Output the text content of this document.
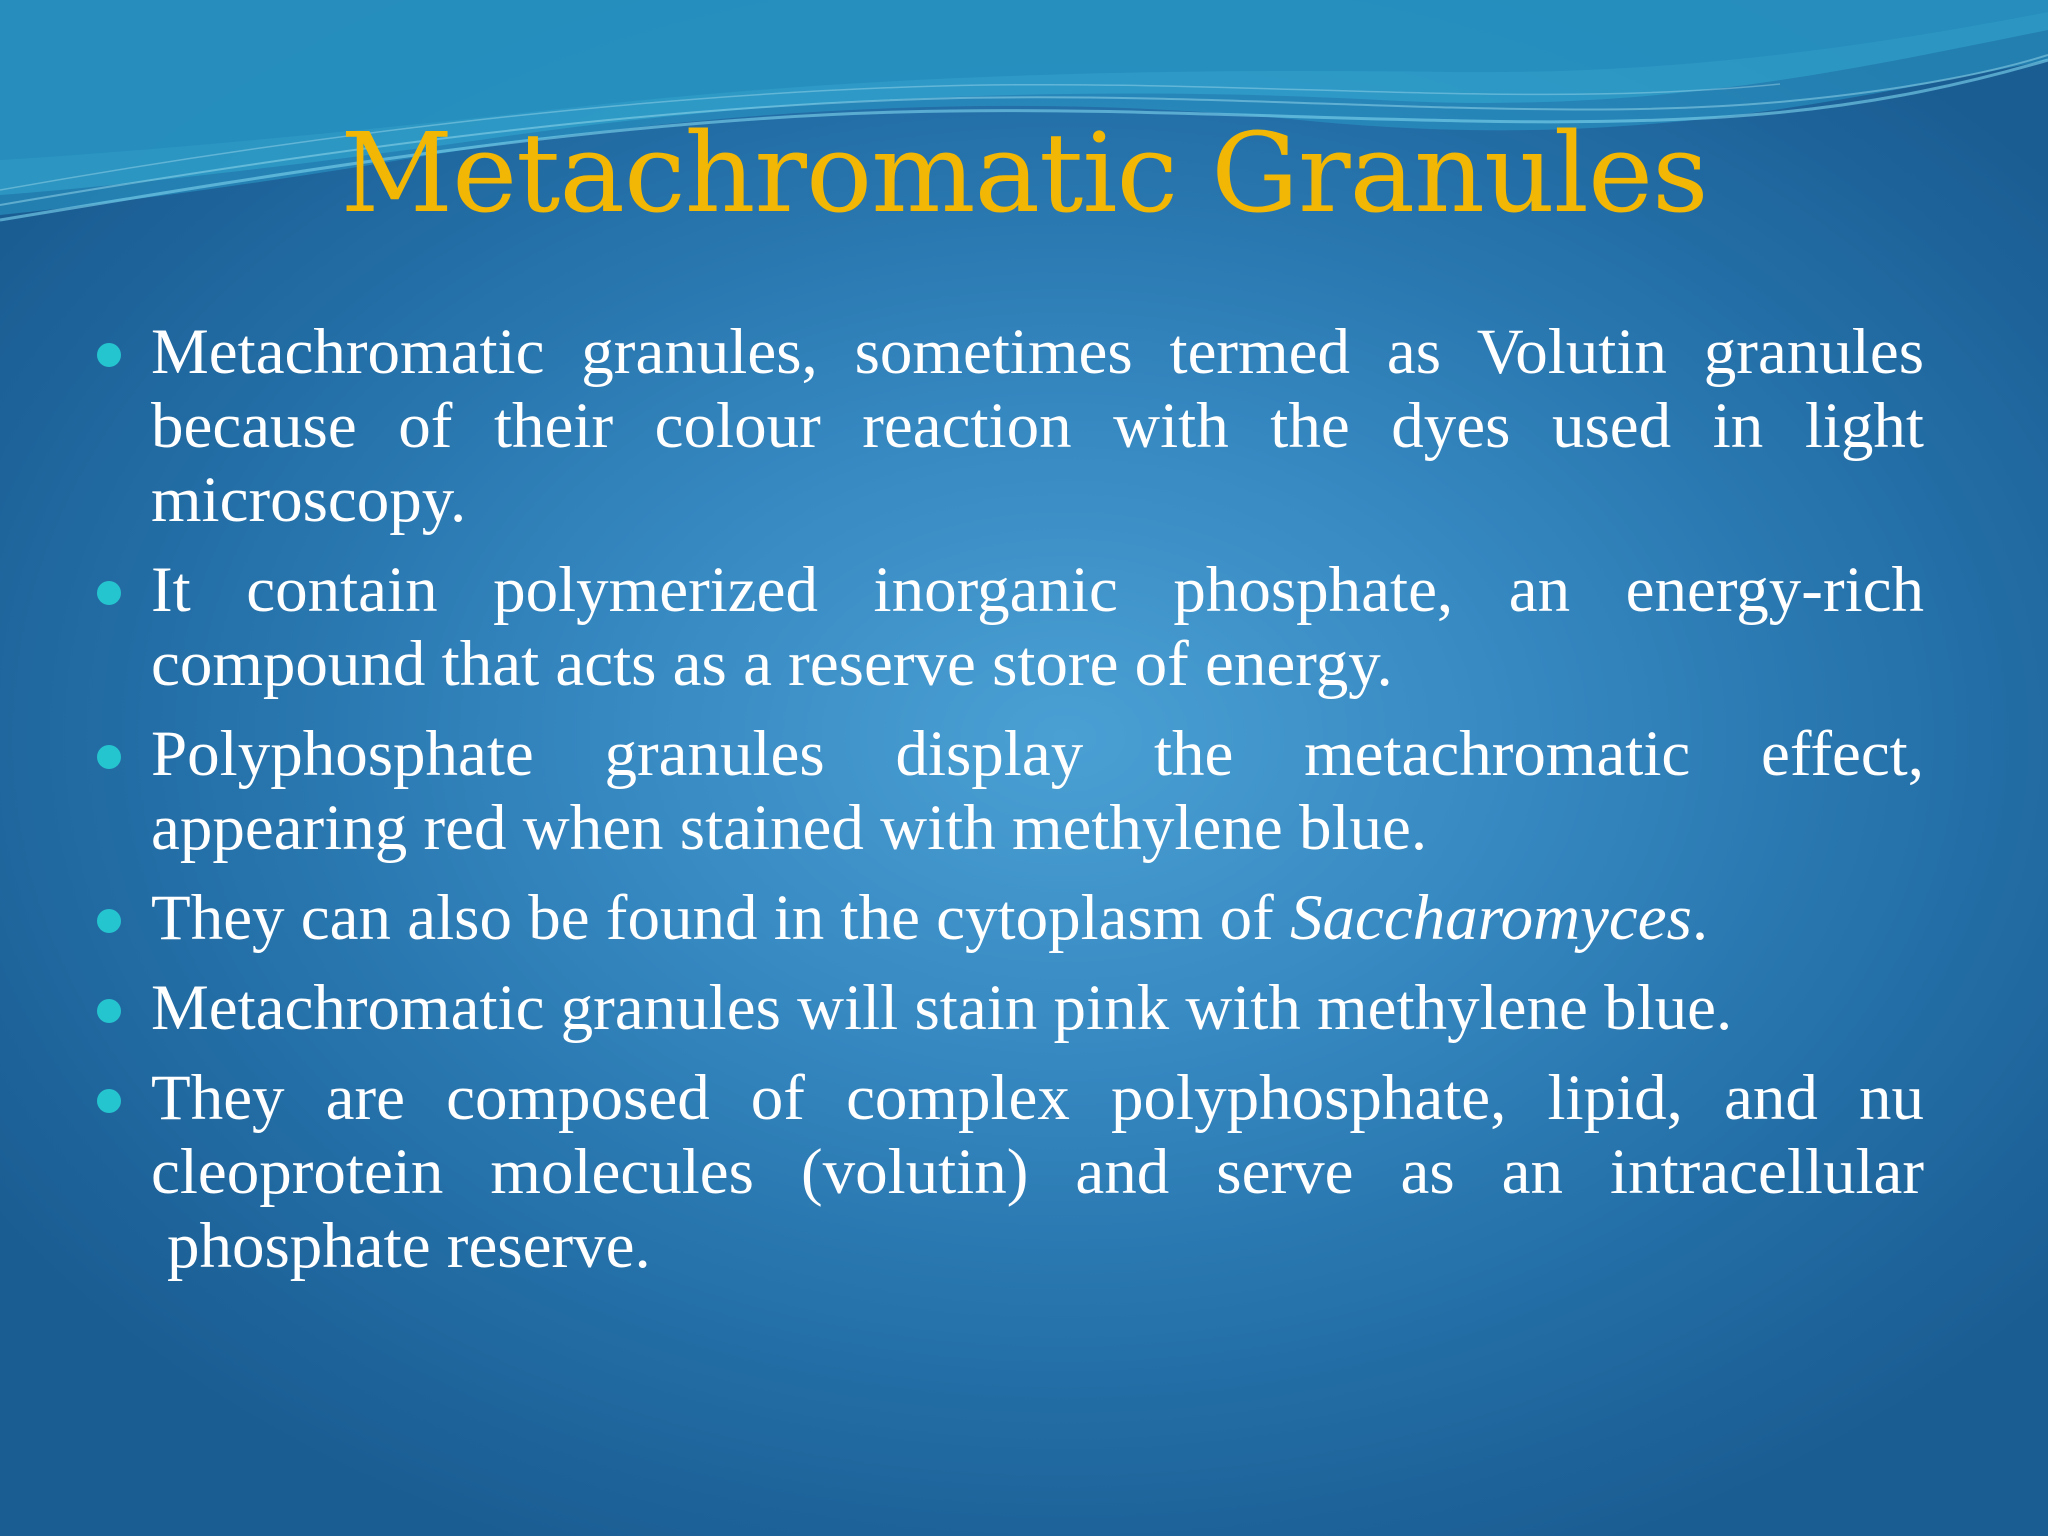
Metachromatic Granules
Metachromatic granules, sometimes termed as Volutin granules because of their colour reaction with the dyes used in light microscopy.
It contain polymerized inorganic phosphate, an energy-rich compound that acts as a reserve store of energy.
Polyphosphate granules display the metachromatic effect, appearing red when stained with methylene blue.
They can also be found in the cytoplasm of Saccharomyces.
Metachromatic granules will stain pink with methylene blue.
They are composed of complex polyphosphate, lipid, and nu
cleoprotein molecules (volutin) and serve as an intracellular
phosphate reserve.
